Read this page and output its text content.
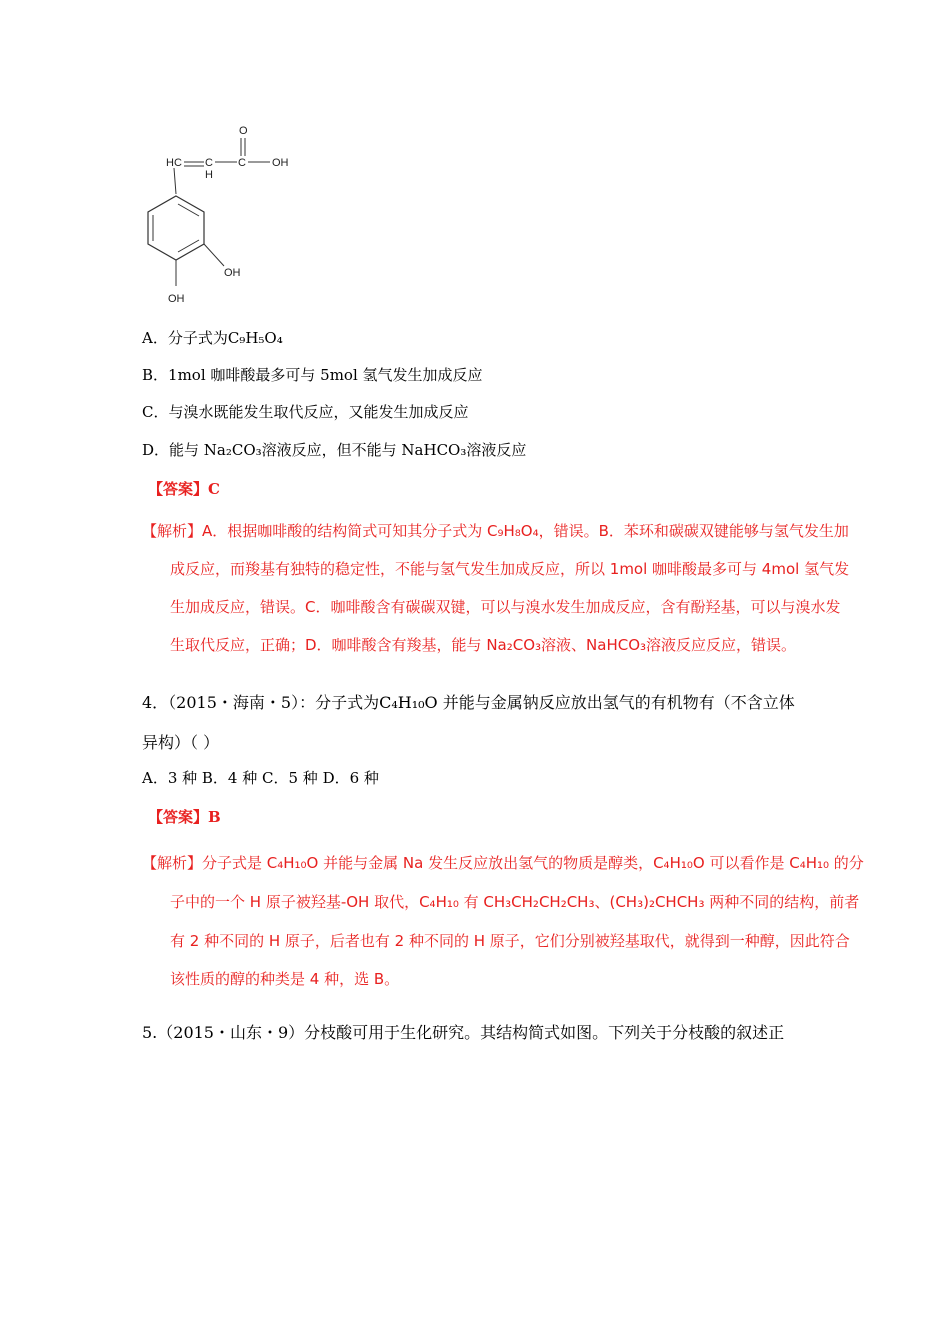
O
HC C
H
C OH
OH
OH
A．分子式为C₉H₅O₄
B．1mol 咖啡酸最多可与 5mol 氢气发生加成反应
C．与溴水既能发生取代反应，又能发生加成反应
D．能与 Na₂CO₃溶液反应，但不能与 NaHCO₃溶液反应
【答案】C
【解析】A．根据咖啡酸的结构简式可知其分子式为 C₉H₈O₄，错误。B．苯环和碳碳双键能够与氢气发生加
成反应，而羧基有独特的稳定性，不能与氢气发生加成反应，所以 1mol 咖啡酸最多可与 4mol 氢气发
生加成反应，错误。C．咖啡酸含有碳碳双键，可以与溴水发生加成反应，含有酚羟基，可以与溴水发
生取代反应，正确；D．咖啡酸含有羧基，能与 Na₂CO₃溶液、NaHCO₃溶液反应反应，错误。
4．（2015・海南・5）：分子式为C₄H₁₀O 并能与金属钠反应放出氢气的有机物有（不含立体
异构）（ ）
A．3 种 B．4 种 C．5 种 D．6 种
【答案】B
【解析】分子式是 C₄H₁₀O 并能与金属 Na 发生反应放出氢气的物质是醇类，C₄H₁₀O 可以看作是 C₄H₁₀ 的分
子中的一个 H 原子被羟基-OH 取代，C₄H₁₀ 有 CH₃CH₂CH₂CH₃、(CH₃)₂CHCH₃ 两种不同的结构，前者
有 2 种不同的 H 原子，后者也有 2 种不同的 H 原子，它们分别被羟基取代，就得到一种醇，因此符合
该性质的醇的种类是 4 种，选 B。
5.（2015・山东・9）分枝酸可用于生化研究。其结构简式如图。下列关于分枝酸的叙述正
